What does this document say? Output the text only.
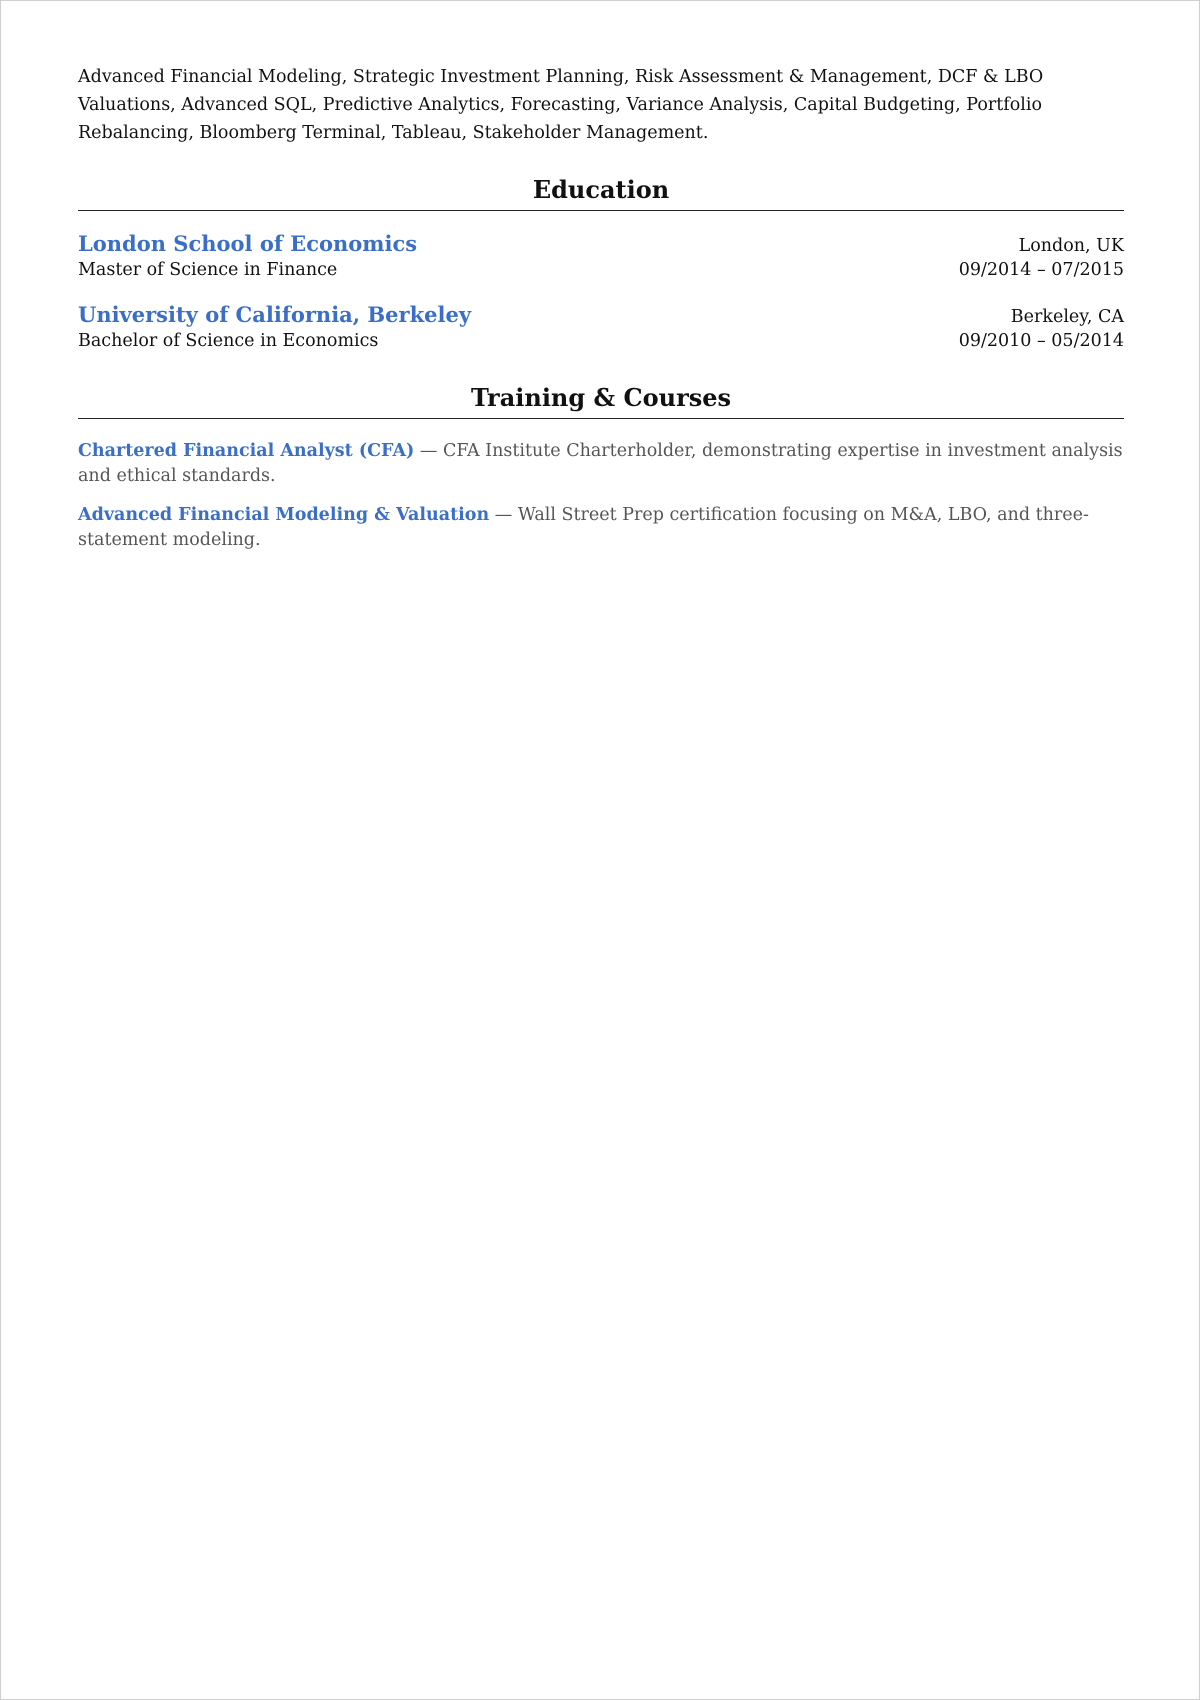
Advanced Financial Modeling, Strategic Investment Planning, Risk Assessment & Management, DCF & LBO Valuations, Advanced SQL, Predictive Analytics, Forecasting, Variance Analysis, Capital Budgeting, Portfolio Rebalancing, Bloomberg Terminal, Tableau, Stakeholder Management.

Education
London School of Economics	London, UK
Master of Science in Finance	09/2014 – 07/2015
University of California, Berkeley	Berkeley, CA
Bachelor of Science in Economics	09/2010 – 05/2014
Training & Courses

Chartered Financial Analyst (CFA) — CFA Institute Charterholder, demonstrating expertise in investment analysis and ethical standards.

Advanced Financial Modeling & Valuation — Wall Street Prep certification focusing on M&A, LBO, and three-statement modeling.
